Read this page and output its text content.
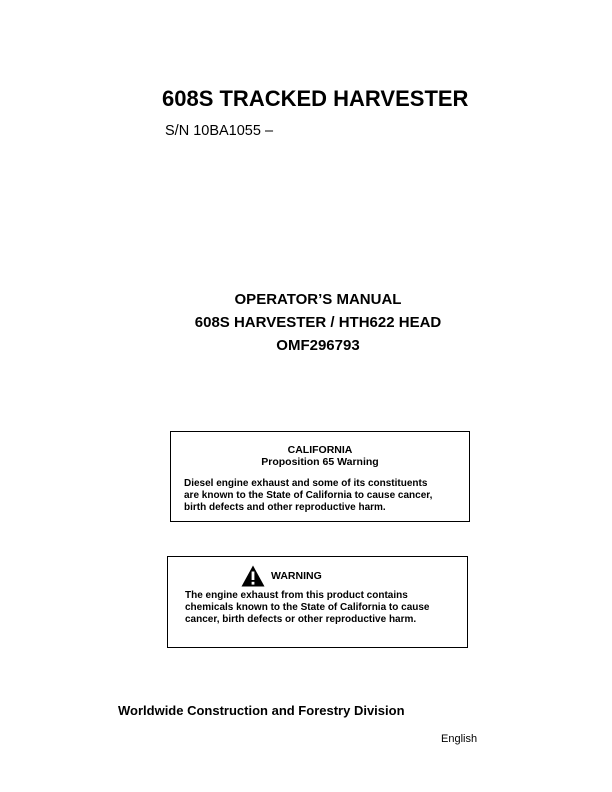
608S TRACKED HARVESTER
S/N 10BA1055 –
OPERATOR’S MANUAL
608S HARVESTER / HTH622 HEAD
OMF296793
CALIFORNIA
Proposition 65 Warning
Diesel engine exhaust and some of its constituents
are known to the State of California to cause cancer,
birth defects and other reproductive harm.
WARNING
The engine exhaust from this product contains
chemicals known to the State of California to cause
cancer, birth defects or other reproductive harm.
Worldwide Construction and Forestry Division
English
